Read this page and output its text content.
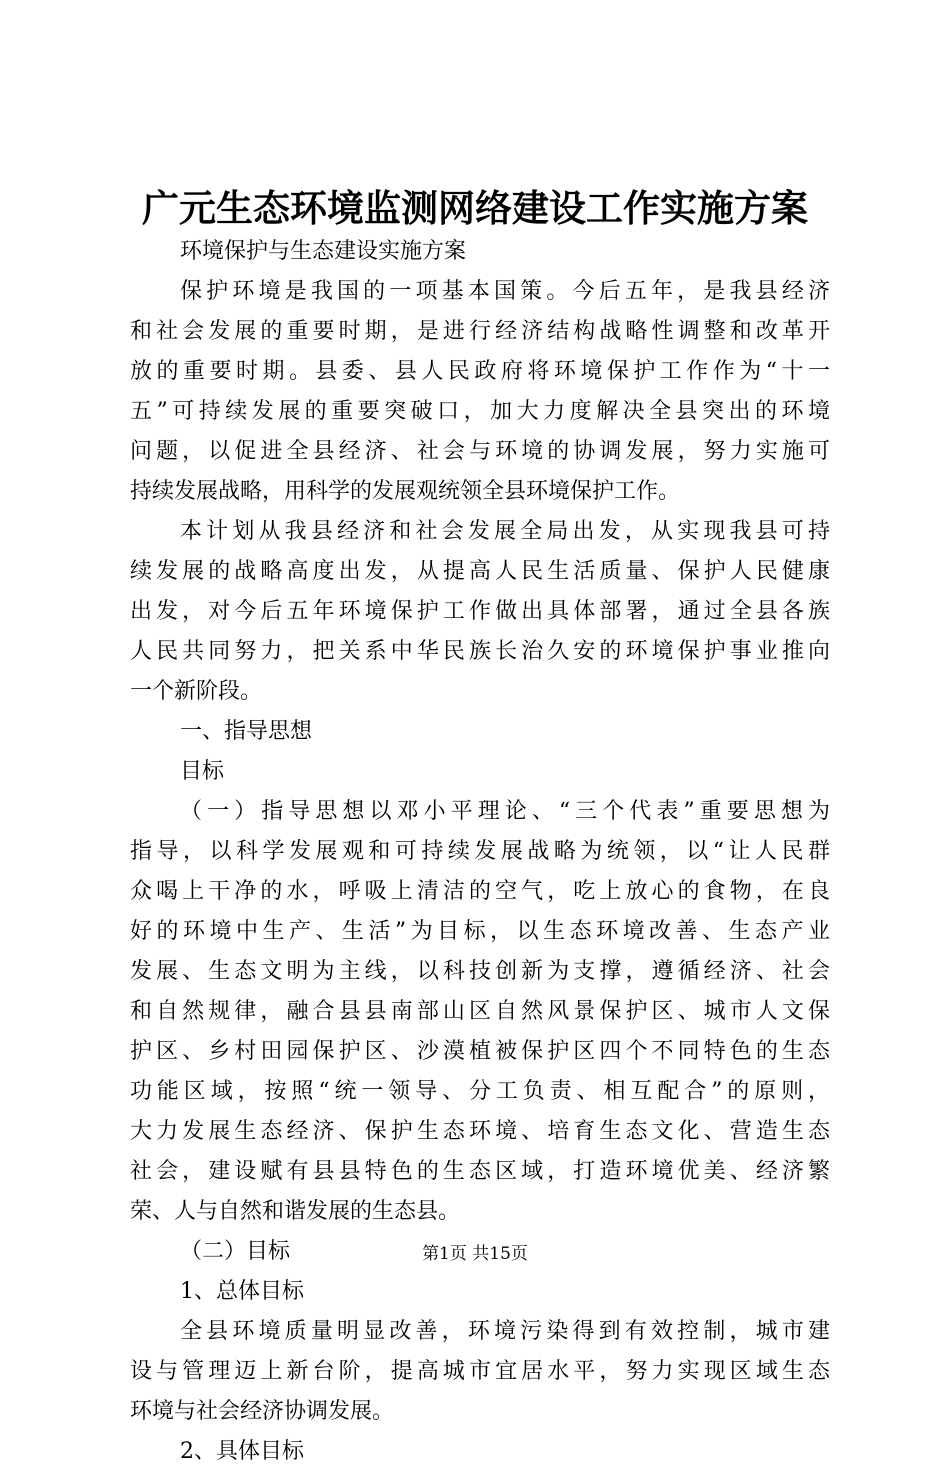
广元生态环境监测网络建设工作实施方案
环境保护与生态建设实施方案
保护环境是我国的一项基本国策。今后五年，是我县经济
和社会发展的重要时期，是进行经济结构战略性调整和改革开
放的重要时期。县委、县人民政府将环境保护工作作为“十一
五”可持续发展的重要突破口，加大力度解决全县突出的环境
问题，以促进全县经济、社会与环境的协调发展，努力实施可
持续发展战略，用科学的发展观统领全县环境保护工作。
本计划从我县经济和社会发展全局出发，从实现我县可持
续发展的战略高度出发，从提高人民生活质量、保护人民健康
出发，对今后五年环境保护工作做出具体部署，通过全县各族
人民共同努力，把关系中华民族长治久安的环境保护事业推向
一个新阶段。
一、指导思想
目标
（一）指导思想以邓小平理论、“三个代表”重要思想为
指导，以科学发展观和可持续发展战略为统领，以“让人民群
众喝上干净的水，呼吸上清洁的空气，吃上放心的食物，在良
好的环境中生产、生活”为目标，以生态环境改善、生态产业
发展、生态文明为主线，以科技创新为支撑，遵循经济、社会
和自然规律，融合县县南部山区自然风景保护区、城市人文保
护区、乡村田园保护区、沙漠植被保护区四个不同特色的生态
功能区域，按照“统一领导、分工负责、相互配合”的原则，
大力发展生态经济、保护生态环境、培育生态文化、营造生态
社会，建设赋有县县特色的生态区域，打造环境优美、经济繁
荣、人与自然和谐发展的生态县。
（二）目标
1、总体目标
全县环境质量明显改善，环境污染得到有效控制，城市建
设与管理迈上新台阶，提高城市宜居水平，努力实现区域生态
环境与社会经济协调发展。
2、具体目标
第1页 共15页
